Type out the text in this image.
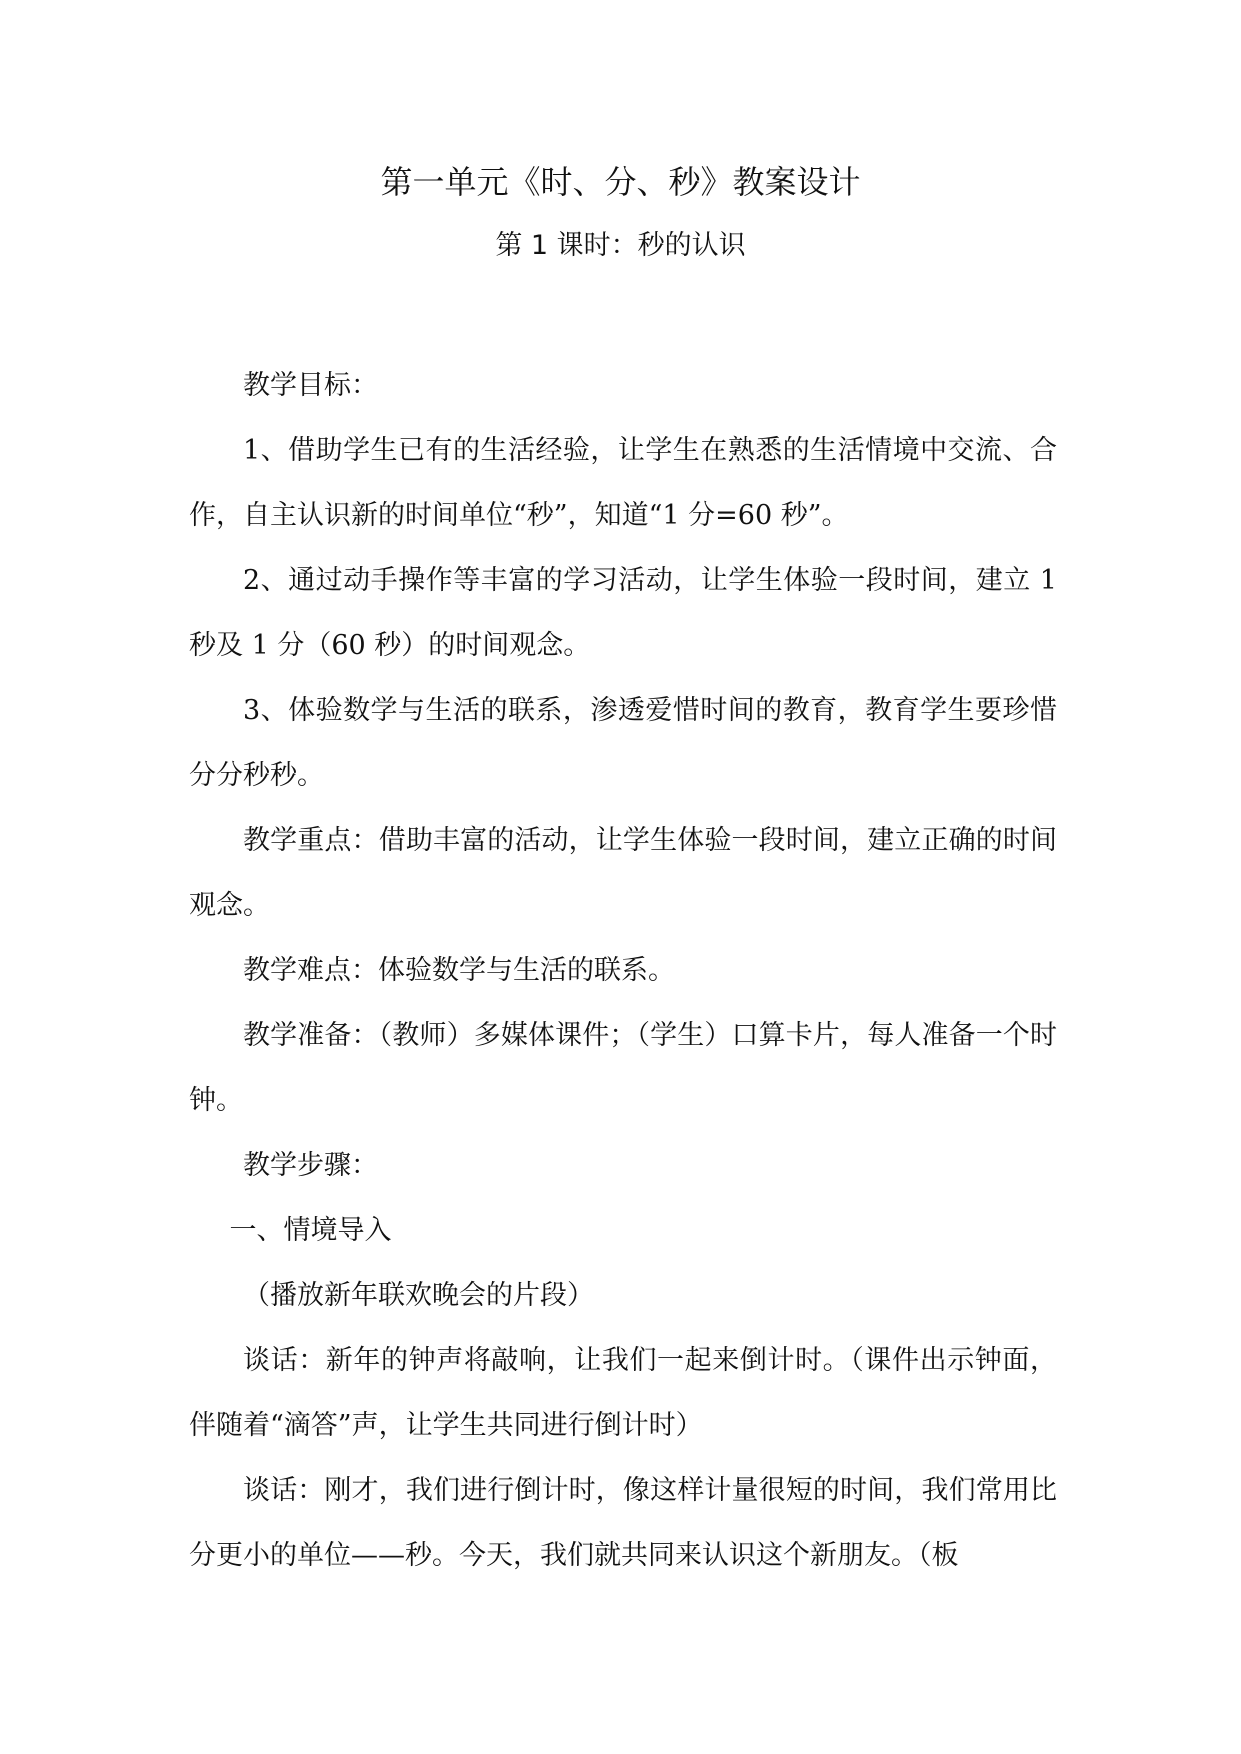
第一单元《时、分、秒》教案设计
第 1 课时：秒的认识

教学目标：

1、借助学生已有的生活经验，让学生在熟悉的生活情境中交流、合作，自主认识新的时间单位“秒”，知道“1 分=60 秒”。

2、通过动手操作等丰富的学习活动，让学生体验一段时间，建立 1 秒及 1 分（60 秒）的时间观念。

3、体验数学与生活的联系，渗透爱惜时间的教育，教育学生要珍惜分分秒秒。

教学重点：借助丰富的活动，让学生体验一段时间，建立正确的时间观念。

教学难点：体验数学与生活的联系。

教学准备：（教师）多媒体课件；（学生）口算卡片，每人准备一个时钟。

教学步骤：

一、情境导入

（播放新年联欢晚会的片段）

谈话：新年的钟声将敲响，让我们一起来倒计时。（课件出示钟面，伴随着“滴答”声，让学生共同进行倒计时）

谈话：刚才，我们进行倒计时，像这样计量很短的时间，我们常用比分更小的单位——秒。今天，我们就共同来认识这个新朋友。（板
